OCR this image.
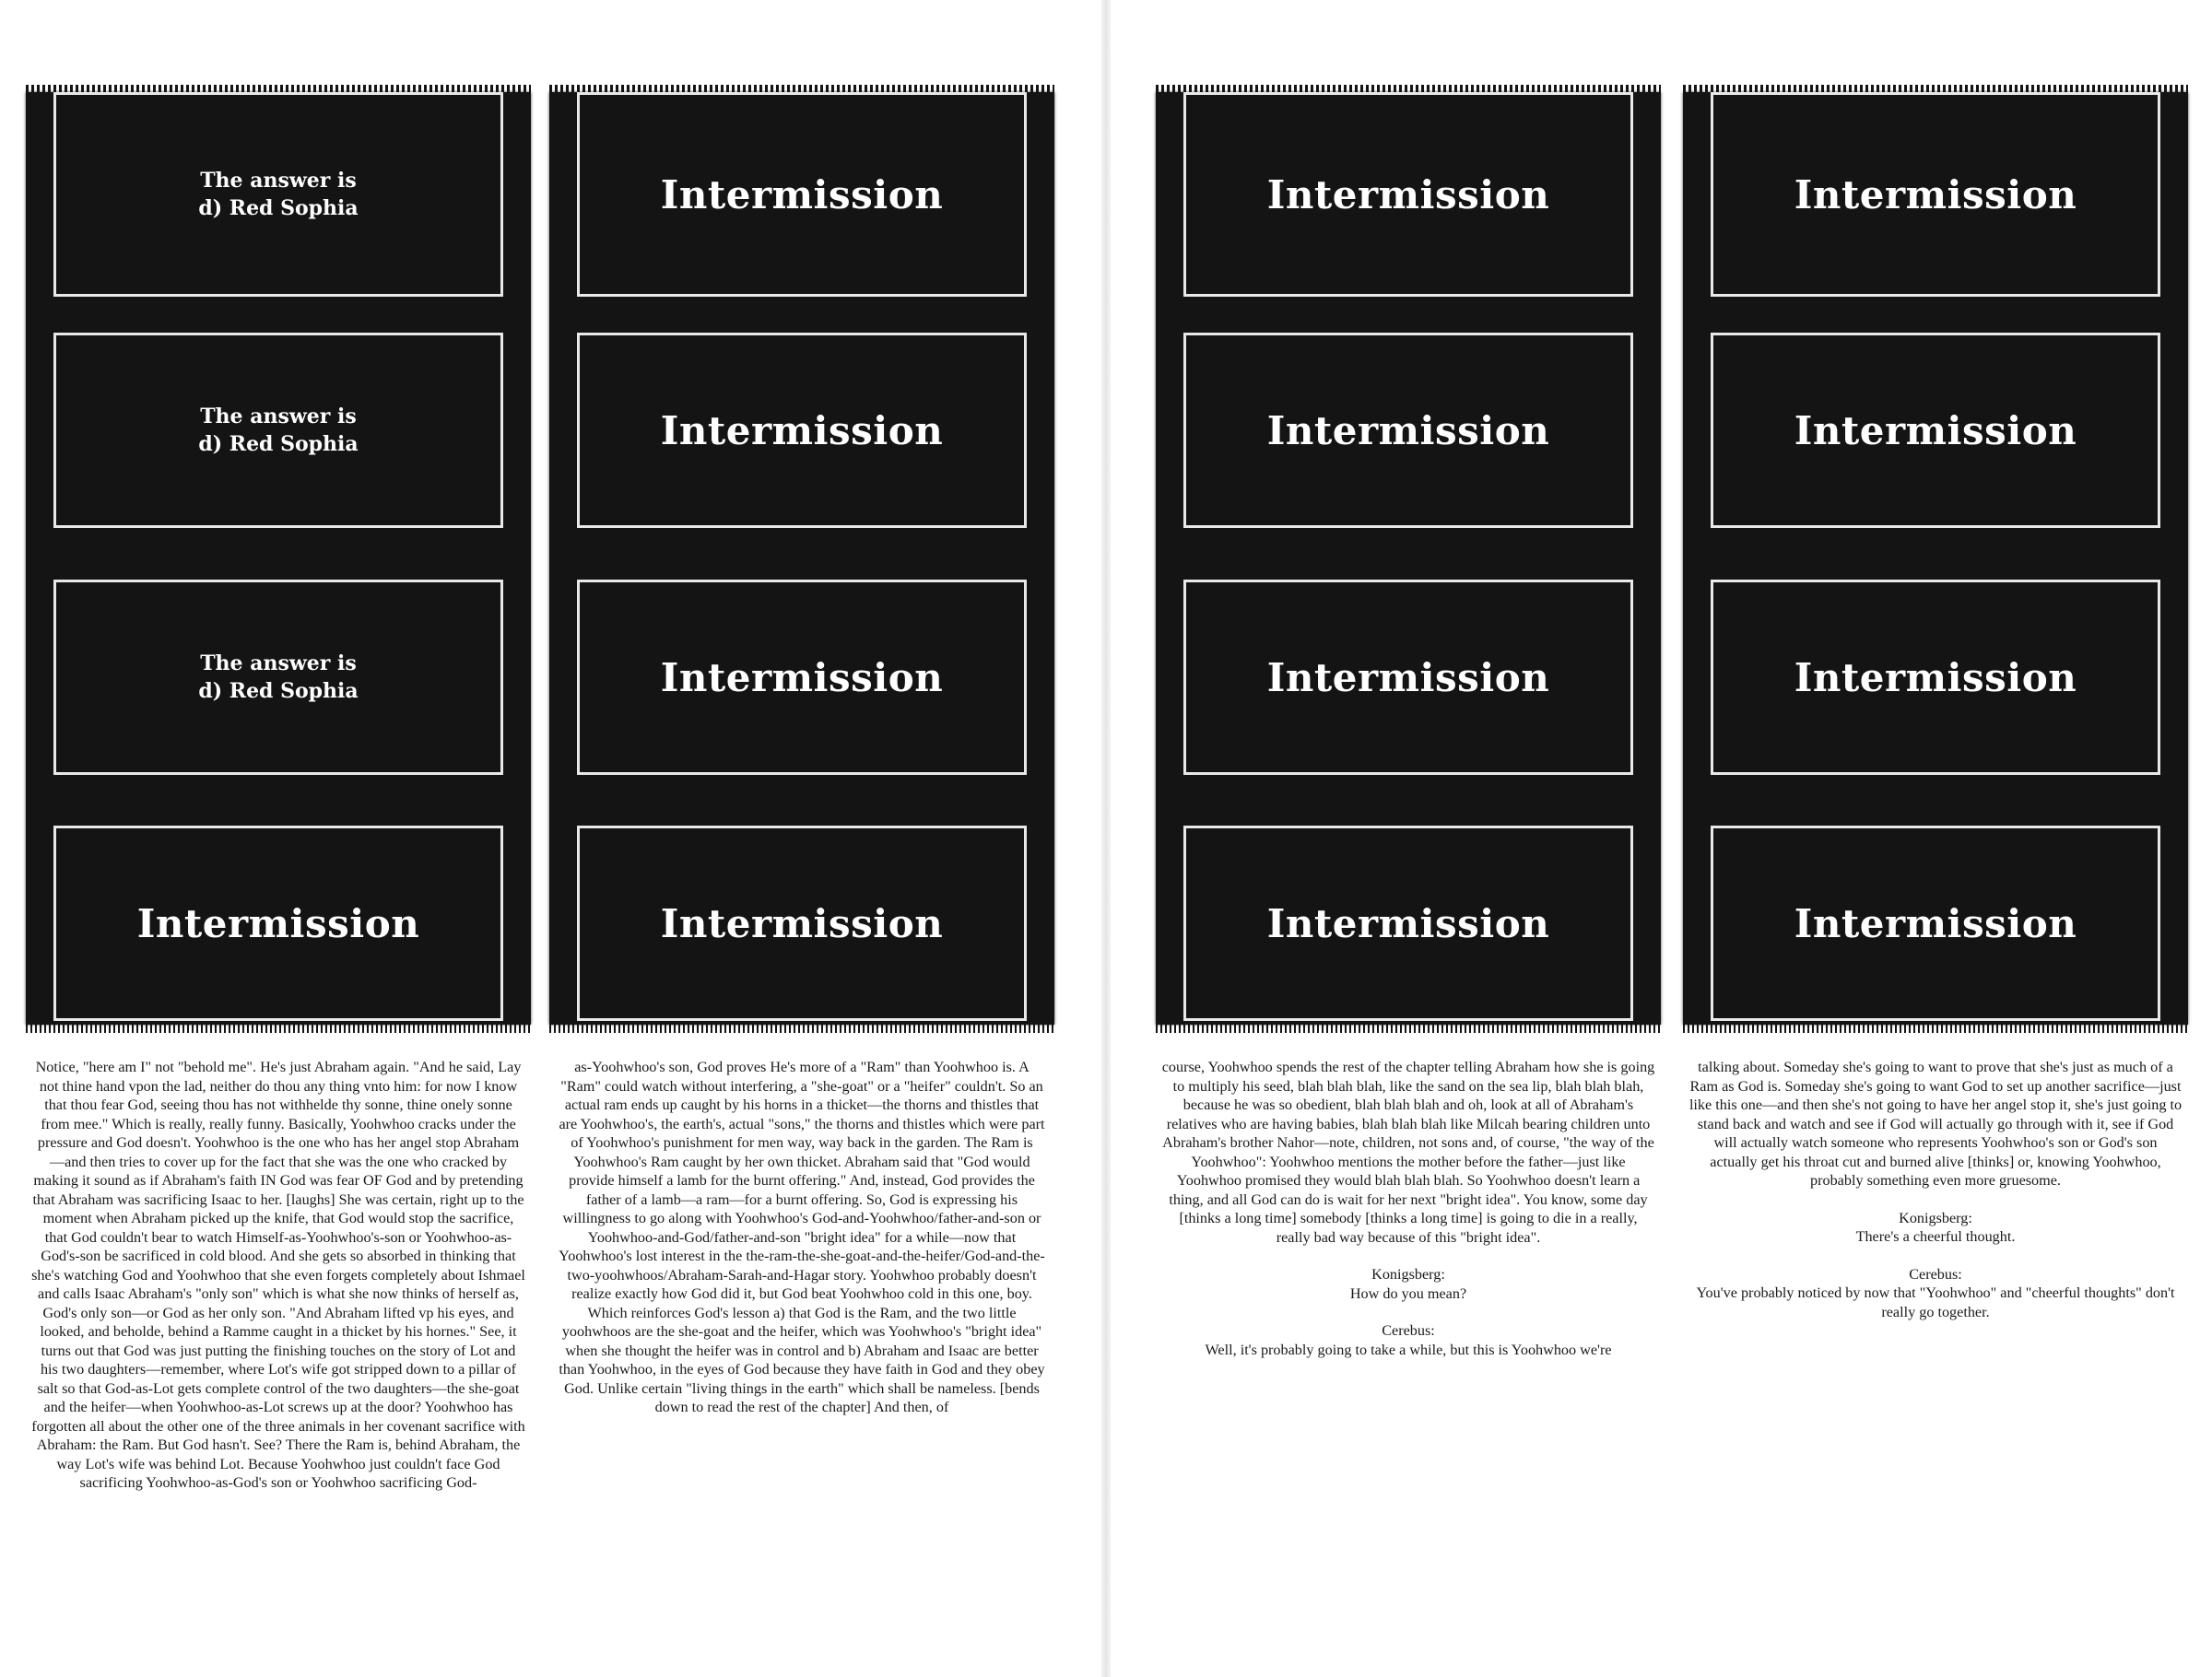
The answer is
d) Red Sophia
The answer is
d) Red Sophia
The answer is
d) Red Sophia
Intermission

Notice, "here am I" not "behold me". He's just Abraham again. "And he said, Lay not thine hand vpon the lad, neither do thou any thing vnto him: for now I know that thou fear God, seeing thou has not withhelde thy sonne, thine onely sonne from mee." Which is really, really funny. Basically, Yoohwhoo cracks under the pressure and God doesn't. Yoohwhoo is the one who has her angel stop Abraham—and then tries to cover up for the fact that she was the one who cracked by making it sound as if Abraham's faith IN God was fear OF God and by pretending that Abraham was sacrificing Isaac to her. [laughs] She was certain, right up to the moment when Abraham picked up the knife, that God would stop the sacrifice, that God couldn't bear to watch Himself-as-Yoohwhoo's-son or Yoohwhoo-as-God's-son be sacrificed in cold blood. And she gets so absorbed in thinking that she's watching God and Yoohwhoo that she even forgets completely about Ishmael and calls Isaac Abraham's "only son" which is what she now thinks of herself as, God's only son—or God as her only son. "And Abraham lifted vp his eyes, and looked, and beholde, behind a Ramme caught in a thicket by his hornes." See, it turns out that God was just putting the finishing touches on the story of Lot and his two daughters—remember, where Lot's wife got stripped down to a pillar of salt so that God-as-Lot gets complete control of the two daughters—the she-goat and the heifer—when Yoohwhoo-as-Lot screws up at the door? Yoohwhoo has forgotten all about the other one of the three animals in her covenant sacrifice with Abraham: the Ram. But God hasn't. See? There the Ram is, behind Abraham, the way Lot's wife was behind Lot. Because Yoohwhoo just couldn't face God sacrificing Yoohwhoo-as-God's son or Yoohwhoo sacrificing God-

Intermission
Intermission
Intermission
Intermission

as-Yoohwhoo's son, God proves He's more of a "Ram" than Yoohwhoo is. A "Ram" could watch without interfering, a "she-goat" or a "heifer" couldn't. So an actual ram ends up caught by his horns in a thicket—the thorns and thistles that are Yoohwhoo's, the earth's, actual "sons," the thorns and thistles which were part of Yoohwhoo's punishment for men way, way back in the garden. The Ram is Yoohwhoo's Ram caught by her own thicket. Abraham said that "God would provide himself a lamb for the burnt offering." And, instead, God provides the father of a lamb—a ram—for a burnt offering. So, God is expressing his willingness to go along with Yoohwhoo's God-and-Yoohwhoo/father-and-son or Yoohwhoo-and-God/father-and-son "bright idea" for a while—now that Yoohwhoo's lost interest in the the-ram-the-she-goat-and-the-heifer/God-and-the-two-yoohwhoos/Abraham-Sarah-and-Hagar story. Yoohwhoo probably doesn't realize exactly how God did it, but God beat Yoohwhoo cold in this one, boy. Which reinforces God's lesson a) that God is the Ram, and the two little yoohwhoos are the she-goat and the heifer, which was Yoohwhoo's "bright idea" when she thought the heifer was in control and b) Abraham and Isaac are better than Yoohwhoo, in the eyes of God because they have faith in God and they obey God. Unlike certain "living things in the earth" which shall be nameless. [bends down to read the rest of the chapter] And then, of

Intermission
Intermission
Intermission
Intermission

course, Yoohwhoo spends the rest of the chapter telling Abraham how she is going to multiply his seed, blah blah blah, like the sand on the sea lip, blah blah blah, because he was so obedient, blah blah blah and oh, look at all of Abraham's relatives who are having babies, blah blah blah like Milcah bearing children unto Abraham's brother Nahor—note, children, not sons and, of course, "the way of the Yoohwhoo": Yoohwhoo mentions the mother before the father—just like Yoohwhoo promised they would blah blah blah. So Yoohwhoo doesn't learn a thing, and all God can do is wait for her next "bright idea". You know, some day [thinks a long time] somebody [thinks a long time] is going to die in a really, really bad way because of this "bright idea".

Konigsberg:
How do you mean?

Cerebus:
Well, it's probably going to take a while, but this is Yoohwhoo we're

Intermission
Intermission
Intermission
Intermission

talking about. Someday she's going to want to prove that she's just as much of a Ram as God is. Someday she's going to want God to set up another sacrifice—just like this one—and then she's not going to have her angel stop it, she's just going to stand back and watch and see if God will actually go through with it, see if God will actually watch someone who represents Yoohwhoo's son or God's son actually get his throat cut and burned alive [thinks] or, knowing Yoohwhoo, probably something even more gruesome.

Konigsberg:
There's a cheerful thought.

Cerebus:
You've probably noticed by now that "Yoohwhoo" and "cheerful thoughts" don't really go together.
